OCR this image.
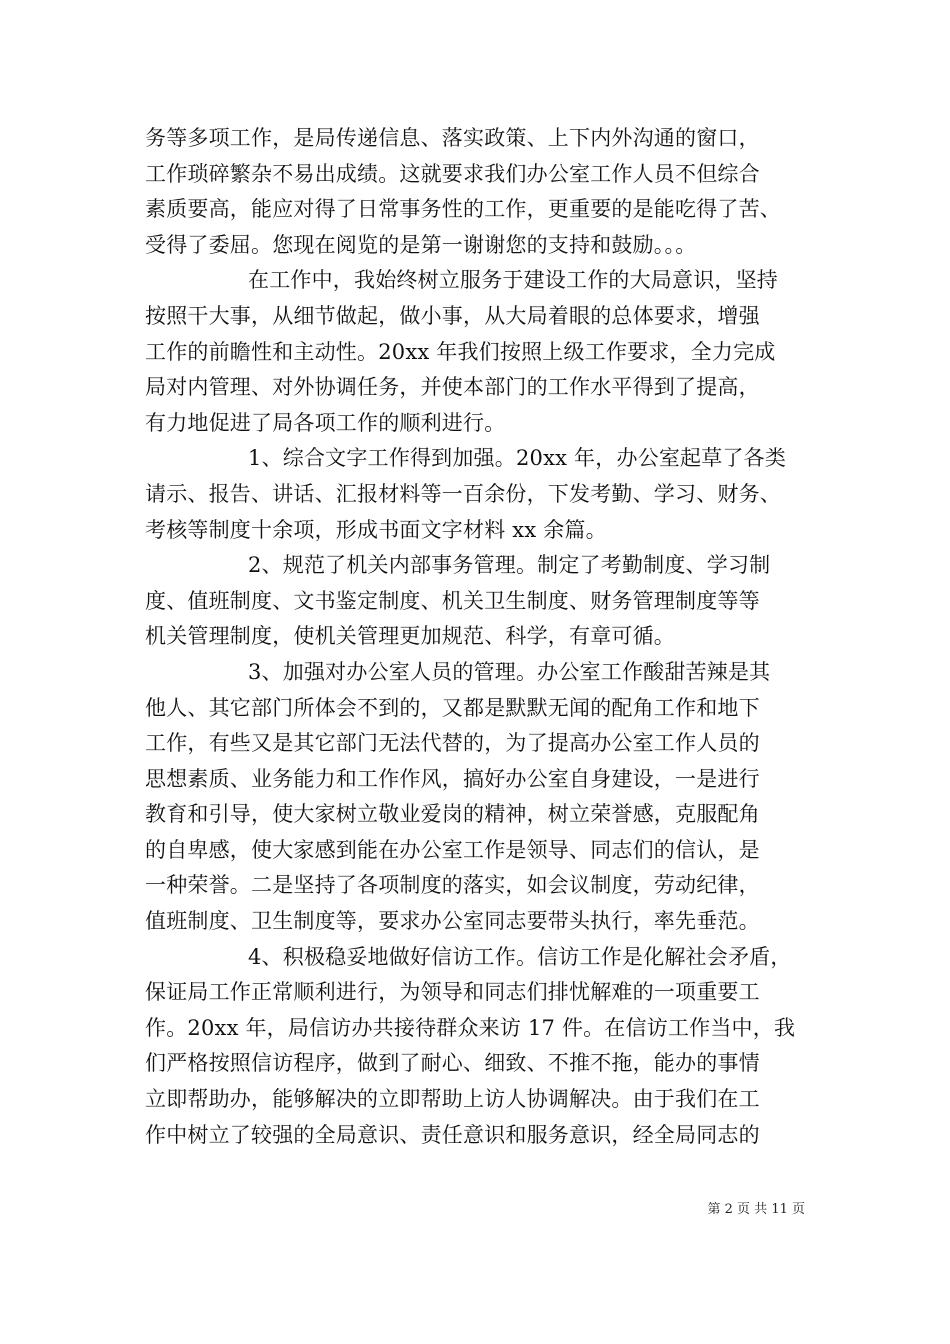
务等多项工作，是局传递信息、落实政策、上下内外沟通的窗口，
工作琐碎繁杂不易出成绩。这就要求我们办公室工作人员不但综合
素质要高，能应对得了日常事务性的工作，更重要的是能吃得了苦、
受得了委屈。您现在阅览的是第一谢谢您的支持和鼓励。。。
在工作中，我始终树立服务于建设工作的大局意识，坚持
按照干大事，从细节做起，做小事，从大局着眼的总体要求，增强
工作的前瞻性和主动性。20xx 年我们按照上级工作要求，全力完成
局对内管理、对外协调任务，并使本部门的工作水平得到了提高，
有力地促进了局各项工作的顺利进行。
1、综合文字工作得到加强。20xx 年，办公室起草了各类
请示、报告、讲话、汇报材料等一百余份，下发考勤、学习、财务、
考核等制度十余项，形成书面文字材料 xx 余篇。
2、规范了机关内部事务管理。制定了考勤制度、学习制
度、值班制度、文书鉴定制度、机关卫生制度、财务管理制度等等
机关管理制度，使机关管理更加规范、科学，有章可循。
3、加强对办公室人员的管理。办公室工作酸甜苦辣是其
他人、其它部门所体会不到的，又都是默默无闻的配角工作和地下
工作，有些又是其它部门无法代替的，为了提高办公室工作人员的
思想素质、业务能力和工作作风，搞好办公室自身建设，一是进行
教育和引导，使大家树立敬业爱岗的精神，树立荣誉感，克服配角
的自卑感，使大家感到能在办公室工作是领导、同志们的信认，是
一种荣誉。二是坚持了各项制度的落实，如会议制度，劳动纪律，
值班制度、卫生制度等，要求办公室同志要带头执行，率先垂范。
4、积极稳妥地做好信访工作。信访工作是化解社会矛盾，
保证局工作正常顺利进行，为领导和同志们排忧解难的一项重要工
作。20xx 年，局信访办共接待群众来访 17 件。在信访工作当中，我
们严格按照信访程序，做到了耐心、细致、不推不拖，能办的事情
立即帮助办，能够解决的立即帮助上访人协调解决。由于我们在工
作中树立了较强的全局意识、责任意识和服务意识，经全局同志的
第 2 页 共 11 页
